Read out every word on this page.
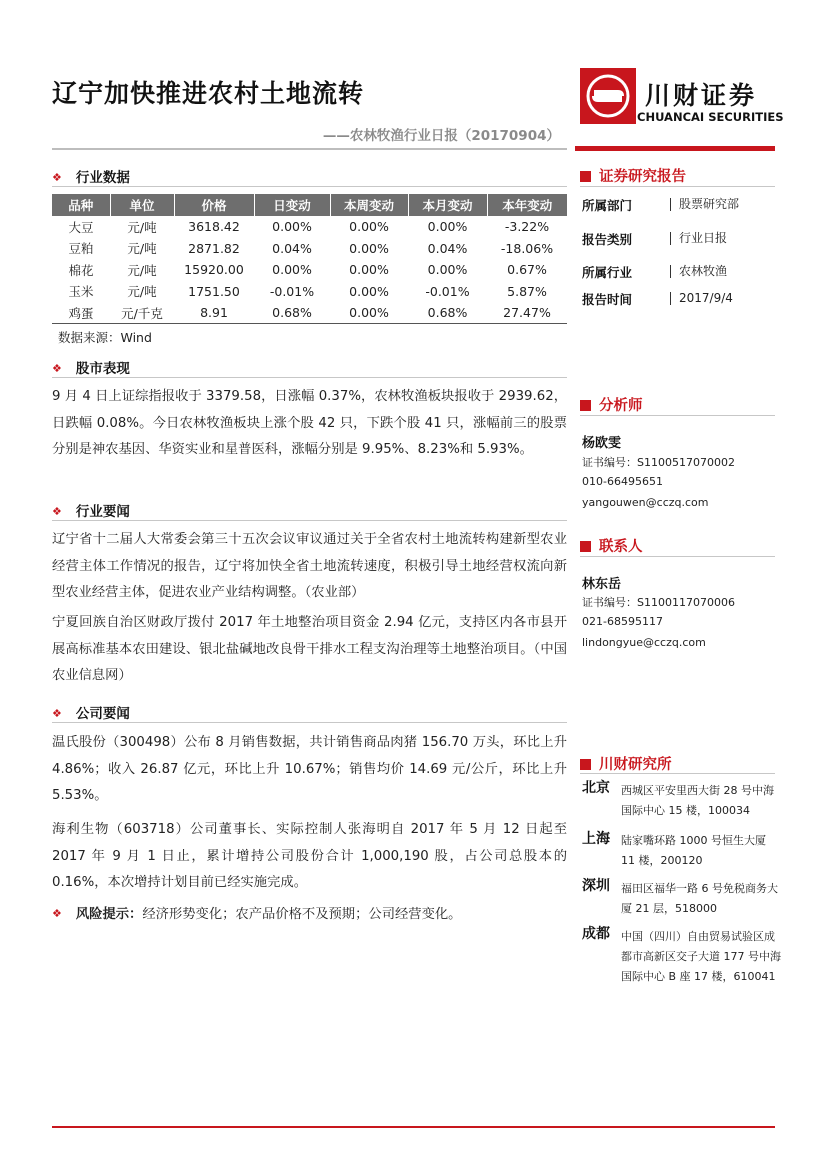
辽宁加快推进农村土地流转
——农林牧渔行业日报（20170904）
川财证券
CHUANCAI SECURITIES
❖ 行业数据
品种	单位	价格	日变动	本周变动	本月变动	本年变动
大豆	元/吨	3618.42	0.00%	0.00%	0.00%	-3.22%
豆粕	元/吨	2871.82	0.04%	0.00%	0.04%	-18.06%
棉花	元/吨	15920.00	0.00%	0.00%	0.00%	0.67%
玉米	元/吨	1751.50	-0.01%	0.00%	-0.01%	5.87%
鸡蛋	元/千克	8.91	0.68%	0.00%	0.68%	27.47%
数据来源：Wind
❖ 股市表现
9 月 4 日上证综指报收于 3379.58，日涨幅 0.37%，农林牧渔板块报收于 2939.62，日跌幅 0.08%。今日农林牧渔板块上涨个股 42 只，下跌个股 41 只，涨幅前三的股票分别是神农基因、华资实业和星普医科，涨幅分别是 9.95%、8.23%和 5.93%。
❖ 行业要闻
辽宁省十二届人大常委会第三十五次会议审议通过关于全省农村土地流转构建新型农业经营主体工作情况的报告，辽宁将加快全省土地流转速度，积极引导土地经营权流向新型农业经营主体，促进农业产业结构调整。（农业部）
宁夏回族自治区财政厅拨付 2017 年土地整治项目资金 2.94 亿元，支持区内各市县开展高标准基本农田建设、银北盐碱地改良骨干排水工程支沟治理等土地整治项目。（中国农业信息网）
❖ 公司要闻
温氏股份（300498）公布 8 月销售数据，共计销售商品肉猪 156.70 万头，环比上升 4.86%；收入 26.87 亿元，环比上升 10.67%；销售均价 14.69 元/公斤，环比上升 5.53%。
海利生物（603718）公司董事长、实际控制人张海明自 2017 年 5 月 12 日起至 2017 年 9 月 1 日止，累计增持公司股份合计 1,000,190 股，占公司总股本的 0.16%，本次增持计划目前已经实施完成。
❖ 风险提示：经济形势变化；农产品价格不及预期；公司经营变化。
证券研究报告
所属部门	股票研究部
报告类别	行业日报
所属行业	农林牧渔
报告时间	2017/9/4
分析师
杨欧雯
证书编号：S1100517070002
010-66495651
yangouwen@cczq.com
联系人
林东岳
证书编号：S1100117070006
021-68595117
lindongyue@cczq.com
川财研究所
北京 西城区平安里西大街 28 号中海国际中心 15 楼，100034
上海 陆家嘴环路 1000 号恒生大厦 11 楼，200120
深圳 福田区福华一路 6 号免税商务大厦 21 层，518000
成都 中国（四川）自由贸易试验区成都市高新区交子大道 177 号中海国际中心 B 座 17 楼，610041
